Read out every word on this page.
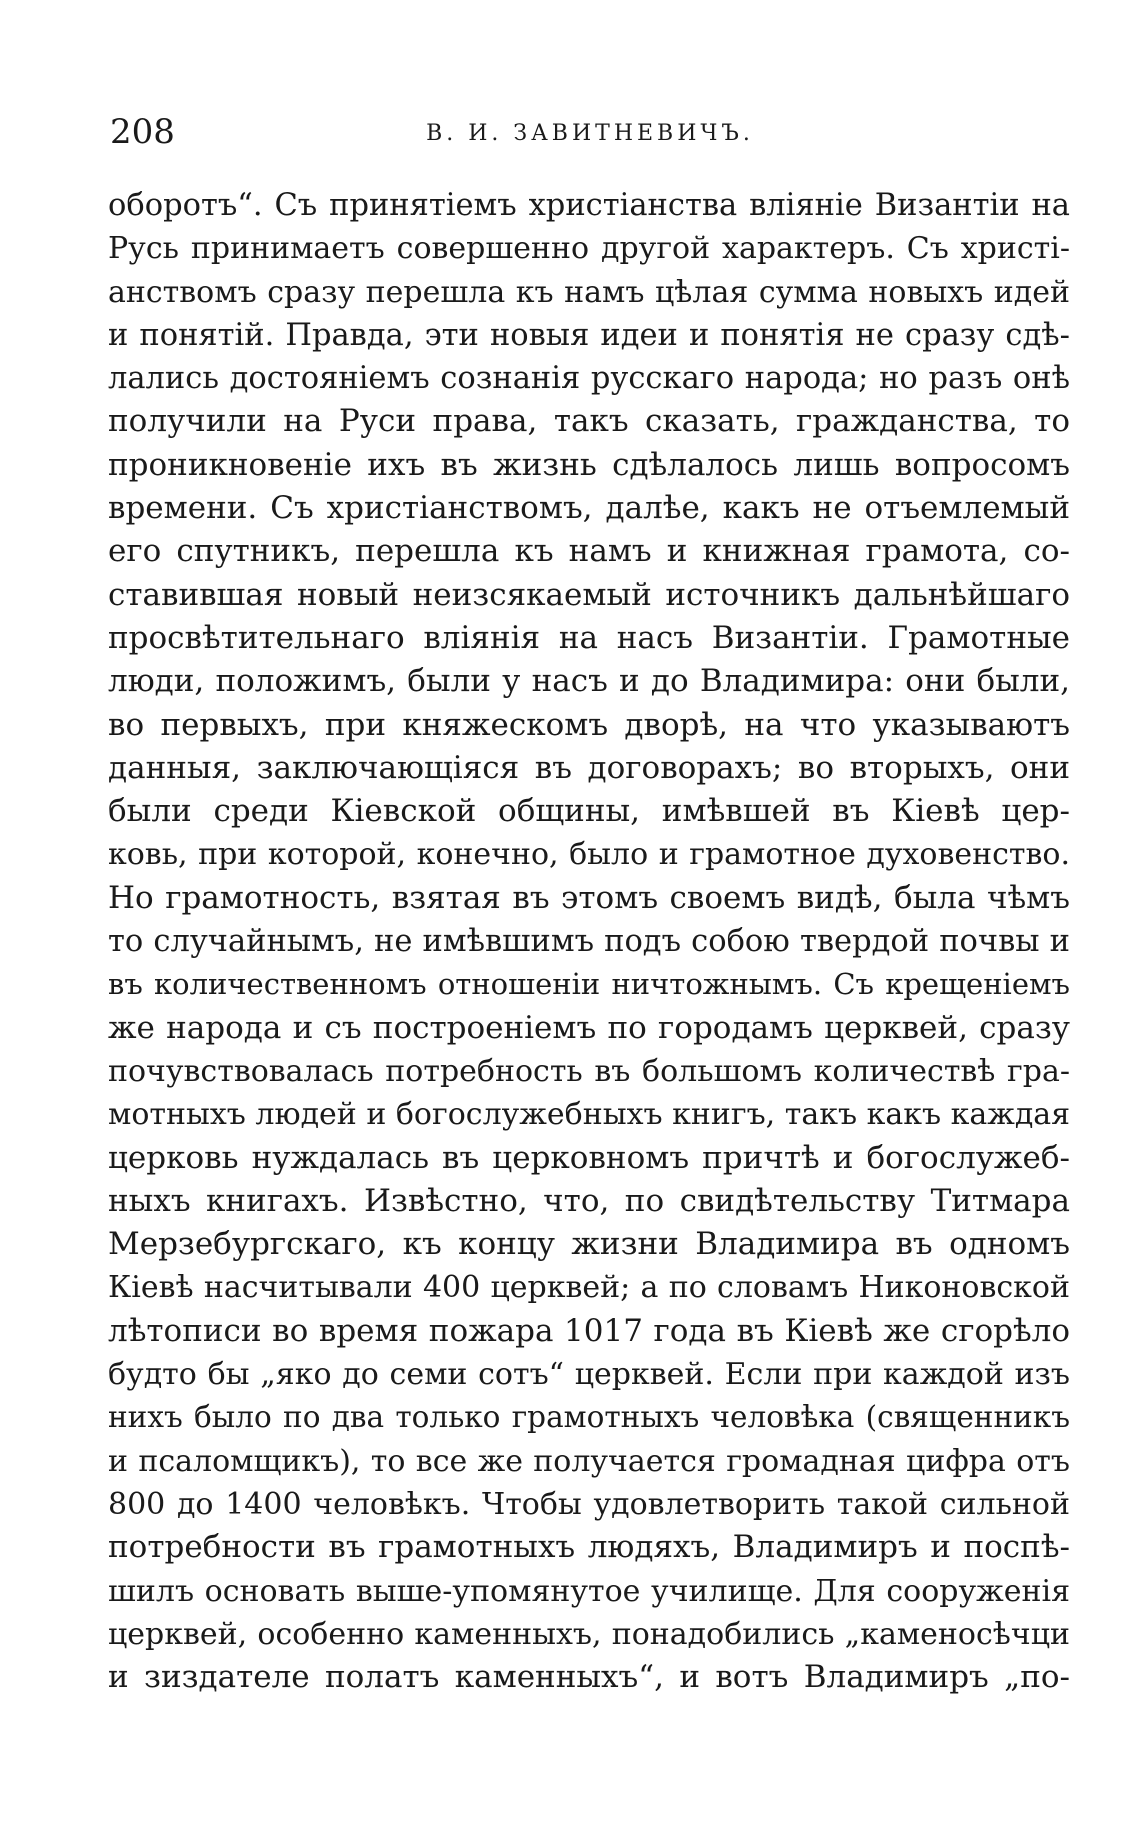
208	В. И. ЗАВИТНЕВИЧЪ.
оборотъ“. Съ принятіемъ христіанства вліяніе Византіи на
Русь принимаетъ совершенно другой характеръ. Съ христі-
анствомъ сразу перешла къ намъ цѣлая сумма новыхъ идей
и понятій. Правда, эти новыя идеи и понятія не сразу сдѣ-
лались достояніемъ сознанія русскаго народа; но разъ онѣ
получили на Руси права, такъ сказать, гражданства, то
проникновеніе ихъ въ жизнь сдѣлалось лишь вопросомъ
времени. Съ христіанствомъ, далѣе, какъ не отъемлемый
его спутникъ, перешла къ намъ и книжная грамота, со-
ставившая новый неизсякаемый источникъ дальнѣйшаго
просвѣтительнаго вліянія на насъ Византіи. Грамотные
люди, положимъ, были у насъ и до Владимира: они были,
во первыхъ, при княжескомъ дворѣ, на что указываютъ
данныя, заключающіяся въ договорахъ; во вторыхъ, они
были среди Кіевской общины, имѣвшей въ Кіевѣ цер-
ковь, при которой, конечно, было и грамотное духовенство.
Но грамотность, взятая въ этомъ своемъ видѣ, была чѣмъ
то случайнымъ, не имѣвшимъ подъ собою твердой почвы и
въ количественномъ отношеніи ничтожнымъ. Съ крещеніемъ
же народа и съ построеніемъ по городамъ церквей, сразу
почувствовалась потребность въ большомъ количествѣ гра-
мотныхъ людей и богослужебныхъ книгъ, такъ какъ каждая
церковь нуждалась въ церковномъ причтѣ и богослужеб-
ныхъ книгахъ. Извѣстно, что, по свидѣтельству Титмара
Мерзебургскаго, къ концу жизни Владимира въ одномъ
Кіевѣ насчитывали 400 церквей; а по словамъ Никоновской
лѣтописи во время пожара 1017 года въ Кіевѣ же сгорѣло
будто бы „яко до семи сотъ“ церквей. Если при каждой изъ
нихъ было по два только грамотныхъ человѣка (священникъ
и псаломщикъ), то все же получается громадная цифра отъ
800 до 1400 человѣкъ. Чтобы удовлетворить такой сильной
потребности въ грамотныхъ людяхъ, Владимиръ и поспѣ-
шилъ основать выше-упомянутое училище. Для сооруженія
церквей, особенно каменныхъ, понадобились „каменосѣчци
и зиздателе полатъ каменныхъ“, и вотъ Владимиръ „по-
